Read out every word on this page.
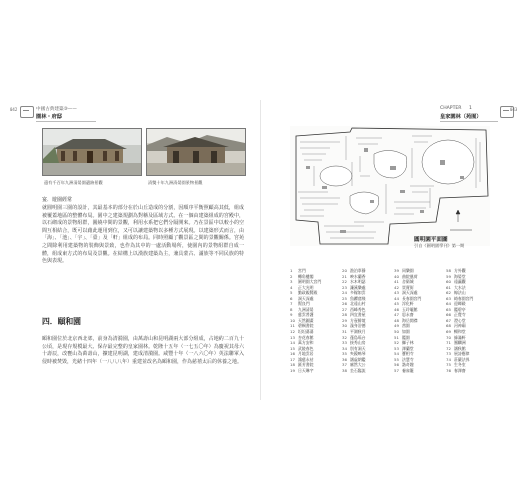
042	中國古典建築③——
園林・府邸
還有千百年九洲清晏園遺跡景觀	清雙十年九洲清晏園景物景觀
宴．遊園經常

就圓明園三園的設計，其最基本的部分在於山丘造成的分割，因順序平衡照顧高其低，組成被覆蓋地區的整體布局。園中之建築規劃為對稱及區域方式。在一個由建築組成的宮殿中，以石砌成的景物組群，圍繞中間的景觀，利用水系把它們分隔開來。乃在景區中以較小的空間互相結合，既可以藉此運用到位，又可以讓建築物以多種方式展現。以建築形式而言，由「海」、「池」、「宇」、「臺」及「軒」組成的布局。同時照顧了觀景區之間的景觀關係。宮苑之間除利用建築物的裝飾與景致，也作為其中的一處活動場所，使園內的景物組群自成一體，組成東方式的布局及景觀。在結構上以漢族建築為主，兼具蒙古、滿族等不同民族的特色與表現。

四．頤和園

頤和園位於北京西北郊，前身為清漪園，由萬壽山和昆明湖兩大部分組成，占地約二百九十公頃，是現存規模最大、保存最完整的皇家園林。乾隆十五年（一七五〇年）為慶祝其母六十壽辰，改甕山為萬壽山，擴建昆明湖，建成清漪園。咸豐十年（一八六〇年）英法聯軍入侵時被焚毀，光緒十四年（一八八八年）重建並改名為頤和園，作為慈禧太后的休養之地。

CHAPTER 1
皇家園林（苑囿）
043
圓明園平面圖
引自《圓明園學刊》第一期
1 宮門
2 轉角樓閣
3 圓明園大宮門
4 正大光明
5 勤政親賢殿
6 洞天深處
7 賢良門
8 九洲清晏
9 慈雲普護
10 天然圖畫
11 碧桐書院
12 坦坦蕩蕩
13 杏花春館
14 萬方安和
15 武陵春色
16 月地雲居
17 鴻慈永祜
18 匯芳書院
19 日天琳宇
20 澹泊寧靜
21 映水蘭香
22 水木明瑟
23 濂溪樂處
24 多稼如雲
25 魚躍鳶飛
26 北遠山村
27 西峰秀色
28 四宜書屋
29 方壺勝境
30 澡身浴德
31 平湖秋月
32 蓬島瑤台
33 接秀山房
34 別有洞天
35 夾鏡鳴琴
36 涵虛朗鑑
37 廓然大公
38 坐石臨流
39 同樂園
40 曲院風荷
41 舍衛城
42 買賣街
43 洞天深處
44 長春園宮門
45 淳化軒
46 玉玲瓏館
47 思永齋
48 海岳開襟
49 茜園
50 如園
51 鑑園
52 獅子林
53 澤蘭堂
54 寶相寺
55 法慧寺
56 諧奇趣
57 養雀籠
58 方外觀
59 海晏堂
60 遠瀛觀
61 大水法
62 線法山
63 綺春園宮門
64 迎暉殿
65 鑑碧亭
66 正覺寺
67 澄心堂
68 河神廟
69 暢和堂
70 綠滿軒
71 鳳麟洲
72 涵秋館
73 展詩應律
74 莊嚴法界
75 生冬室
76 春澤齋
